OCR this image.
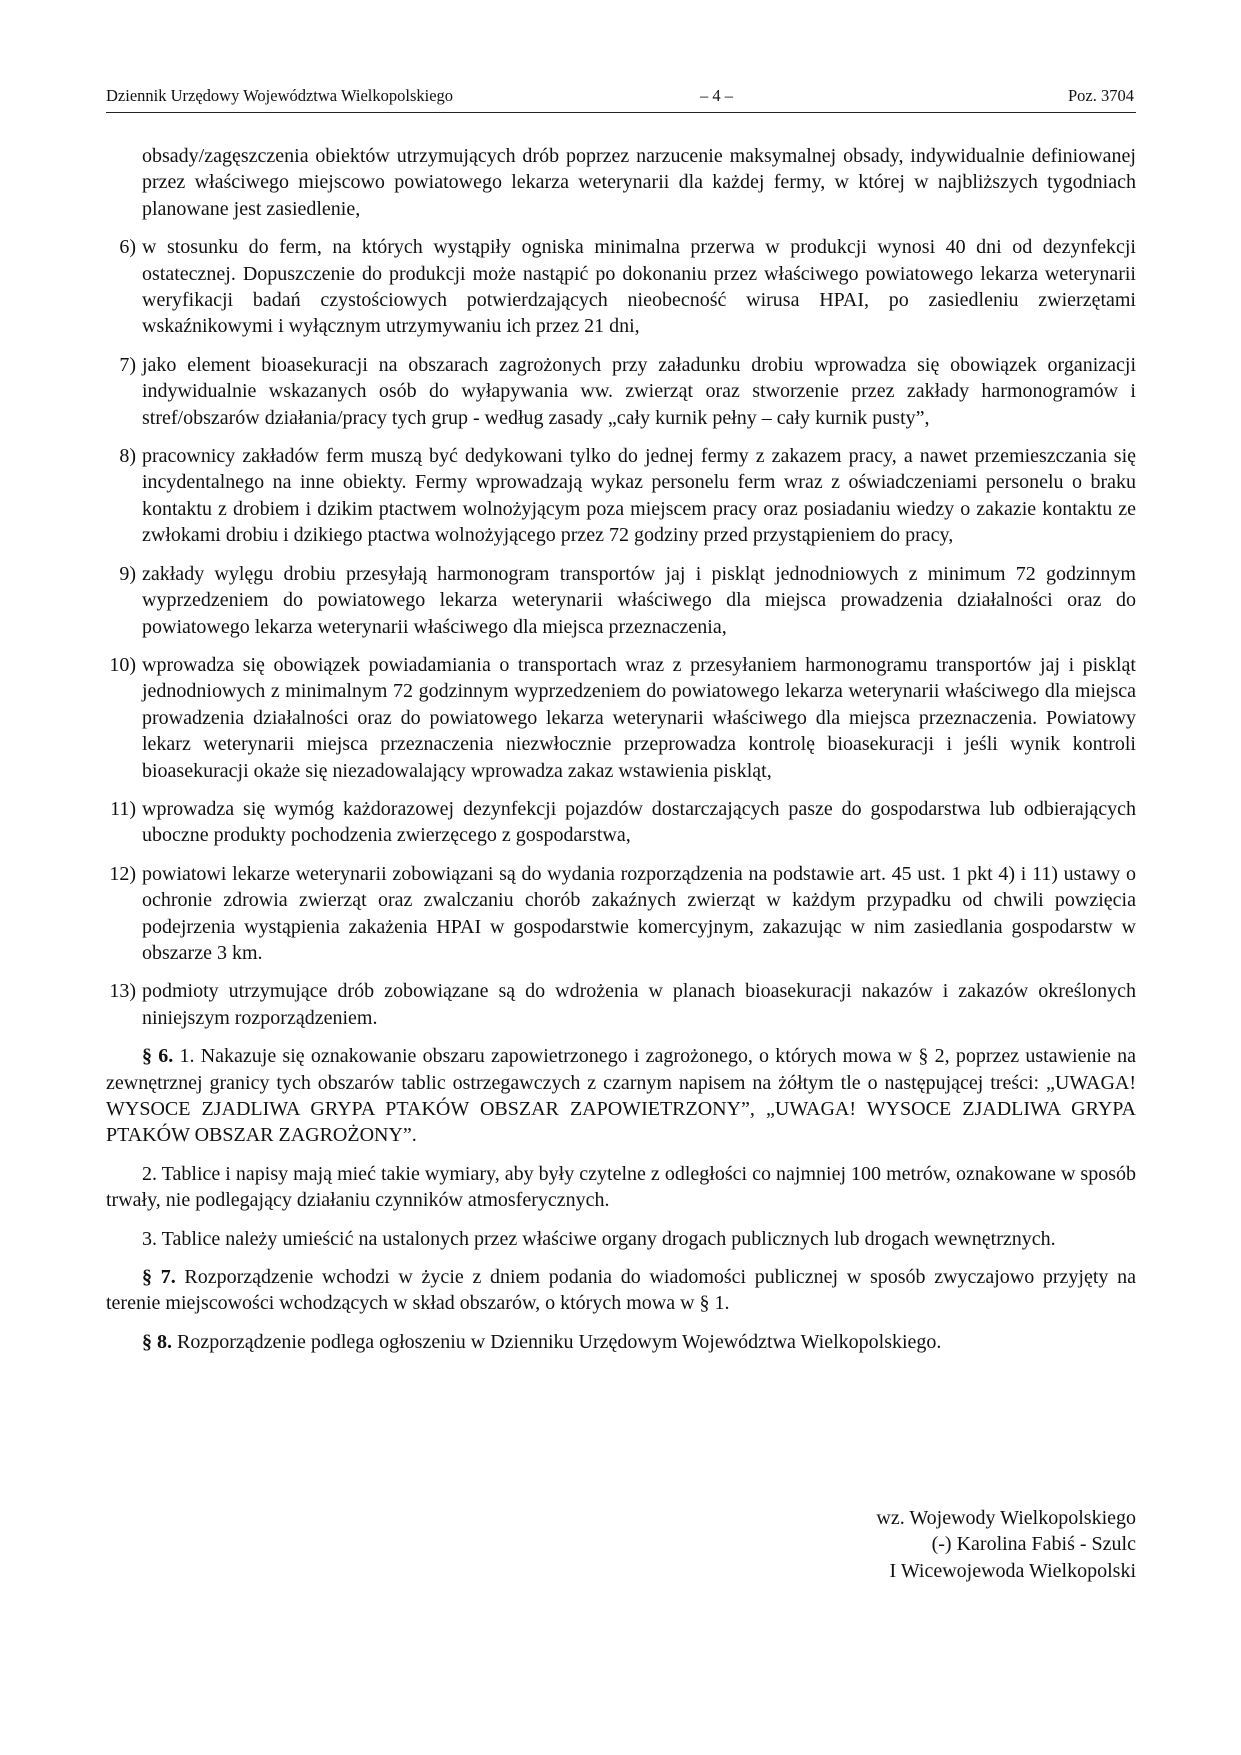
Dziennik Urzędowy Województwa Wielkopolskiego	– 4 –	Poz. 3704

obsady/zagęszczenia obiektów utrzymujących drób poprzez narzucenie maksymalnej obsady, indywidualnie definiowanej przez właściwego miejscowo powiatowego lekarza weterynarii dla każdej fermy, w której w najbliższych tygodniach planowane jest zasiedlenie,

6) w stosunku do ferm, na których wystąpiły ogniska minimalna przerwa w produkcji wynosi 40 dni od dezynfekcji ostatecznej. Dopuszczenie do produkcji może nastąpić po dokonaniu przez właściwego powiatowego lekarza weterynarii weryfikacji badań czystościowych potwierdzających nieobecność wirusa HPAI, po zasiedleniu zwierzętami wskaźnikowymi i wyłącznym utrzymywaniu ich przez 21 dni,
7) jako element bioasekuracji na obszarach zagrożonych przy załadunku drobiu wprowadza się obowiązek organizacji indywidualnie wskazanych osób do wyłapywania ww. zwierząt oraz stworzenie przez zakłady harmonogramów i stref/obszarów działania/pracy tych grup - według zasady „cały kurnik pełny – cały kurnik pusty”,
8) pracownicy zakładów ferm muszą być dedykowani tylko do jednej fermy z zakazem pracy, a nawet przemieszczania się incydentalnego na inne obiekty. Fermy wprowadzają wykaz personelu ferm wraz z oświadczeniami personelu o braku kontaktu z drobiem i dzikim ptactwem wolnożyjącym poza miejscem pracy oraz posiadaniu wiedzy o zakazie kontaktu ze zwłokami drobiu i dzikiego ptactwa wolnożyjącego przez 72 godziny przed przystąpieniem do pracy,
9) zakłady wylęgu drobiu przesyłają harmonogram transportów jaj i piskląt jednodniowych z minimum 72 godzinnym wyprzedzeniem do powiatowego lekarza weterynarii właściwego dla miejsca prowadzenia działalności oraz do powiatowego lekarza weterynarii właściwego dla miejsca przeznaczenia,
10) wprowadza się obowiązek powiadamiania o transportach wraz z przesyłaniem harmonogramu transportów jaj i piskląt jednodniowych z minimalnym 72 godzinnym wyprzedzeniem do powiatowego lekarza weterynarii właściwego dla miejsca prowadzenia działalności oraz do powiatowego lekarza weterynarii właściwego dla miejsca przeznaczenia. Powiatowy lekarz weterynarii miejsca przeznaczenia niezwłocznie przeprowadza kontrolę bioasekuracji i jeśli wynik kontroli bioasekuracji okaże się niezadowalający wprowadza zakaz wstawienia piskląt,
11) wprowadza się wymóg każdorazowej dezynfekcji pojazdów dostarczających pasze do gospodarstwa lub odbierających uboczne produkty pochodzenia zwierzęcego z gospodarstwa,
12) powiatowi lekarze weterynarii zobowiązani są do wydania rozporządzenia na podstawie art. 45 ust. 1 pkt 4) i 11) ustawy o ochronie zdrowia zwierząt oraz zwalczaniu chorób zakaźnych zwierząt w każdym przypadku od chwili powzięcia podejrzenia wystąpienia zakażenia HPAI w gospodarstwie komercyjnym, zakazując w nim zasiedlania gospodarstw w obszarze 3 km.
13) podmioty utrzymujące drób zobowiązane są do wdrożenia w planach bioasekuracji nakazów i zakazów określonych niniejszym rozporządzeniem.

§ 6. 1. Nakazuje się oznakowanie obszaru zapowietrzonego i zagrożonego, o których mowa w § 2, poprzez ustawienie na zewnętrznej granicy tych obszarów tablic ostrzegawczych z czarnym napisem na żółtym tle o następującej treści: „UWAGA! WYSOCE ZJADLIWA GRYPA PTAKÓW OBSZAR ZAPOWIETRZONY”, „UWAGA! WYSOCE ZJADLIWA GRYPA PTAKÓW OBSZAR ZAGROŻONY”.

2. Tablice i napisy mają mieć takie wymiary, aby były czytelne z odległości co najmniej 100 metrów, oznakowane w sposób trwały, nie podlegający działaniu czynników atmosferycznych.

3. Tablice należy umieścić na ustalonych przez właściwe organy drogach publicznych lub drogach wewnętrznych.

§ 7. Rozporządzenie wchodzi w życie z dniem podania do wiadomości publicznej w sposób zwyczajowo przyjęty na terenie miejscowości wchodzących w skład obszarów, o których mowa w § 1.

§ 8. Rozporządzenie podlega ogłoszeniu w Dzienniku Urzędowym Województwa Wielkopolskiego.

wz. Wojewody Wielkopolskiego
(-) Karolina Fabiś - Szulc
I Wicewojewoda Wielkopolski
